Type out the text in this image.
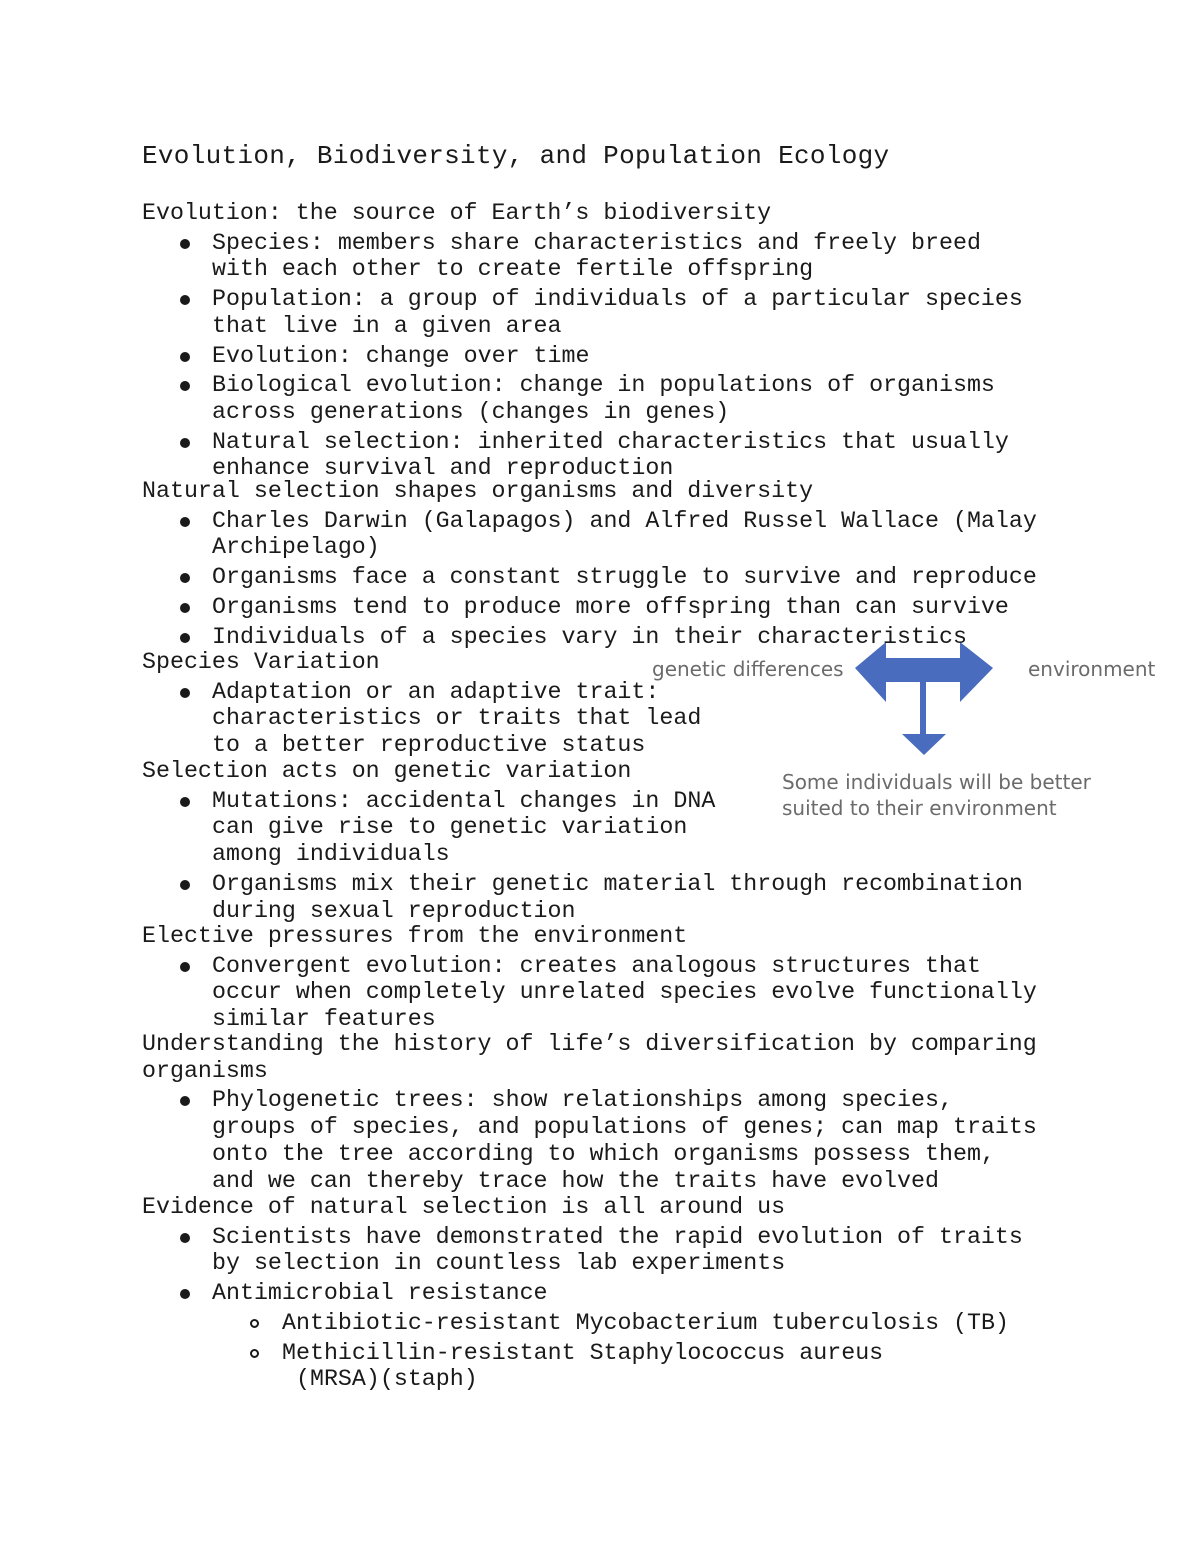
Evolution, Biodiversity, and Population Ecology
genetic differences	environment
Some individuals will be better
suited to their environment
Evolution: the source of Earth’s biodiversity
Species: members share characteristics and freely breed
with each other to create fertile offspring
Population: a group of individuals of a particular species
that live in a given area
Evolution: change over time
Biological evolution: change in populations of organisms
across generations (changes in genes)
Natural selection: inherited characteristics that usually
enhance survival and reproduction
Natural selection shapes organisms and diversity
Charles Darwin (Galapagos) and Alfred Russel Wallace (Malay
Archipelago)
Organisms face a constant struggle to survive and reproduce
Organisms tend to produce more offspring than can survive
Individuals of a species vary in their characteristics
Species Variation
Adaptation or an adaptive trait:
characteristics or traits that lead
to a better reproductive status
Selection acts on genetic variation
Mutations: accidental changes in DNA
can give rise to genetic variation
among individuals
Organisms mix their genetic material through recombination
during sexual reproduction
Elective pressures from the environment
Convergent evolution: creates analogous structures that
occur when completely unrelated species evolve functionally
similar features
Understanding the history of life’s diversification by comparing
organisms
Phylogenetic trees: show relationships among species,
groups of species, and populations of genes; can map traits
onto the tree according to which organisms possess them,
and we can thereby trace how the traits have evolved
Evidence of natural selection is all around us
Scientists have demonstrated the rapid evolution of traits
by selection in countless lab experiments
Antimicrobial resistance
Antibiotic-resistant Mycobacterium tuberculosis (TB)
Methicillin-resistant Staphylococcus aureus
(MRSA)(staph)
